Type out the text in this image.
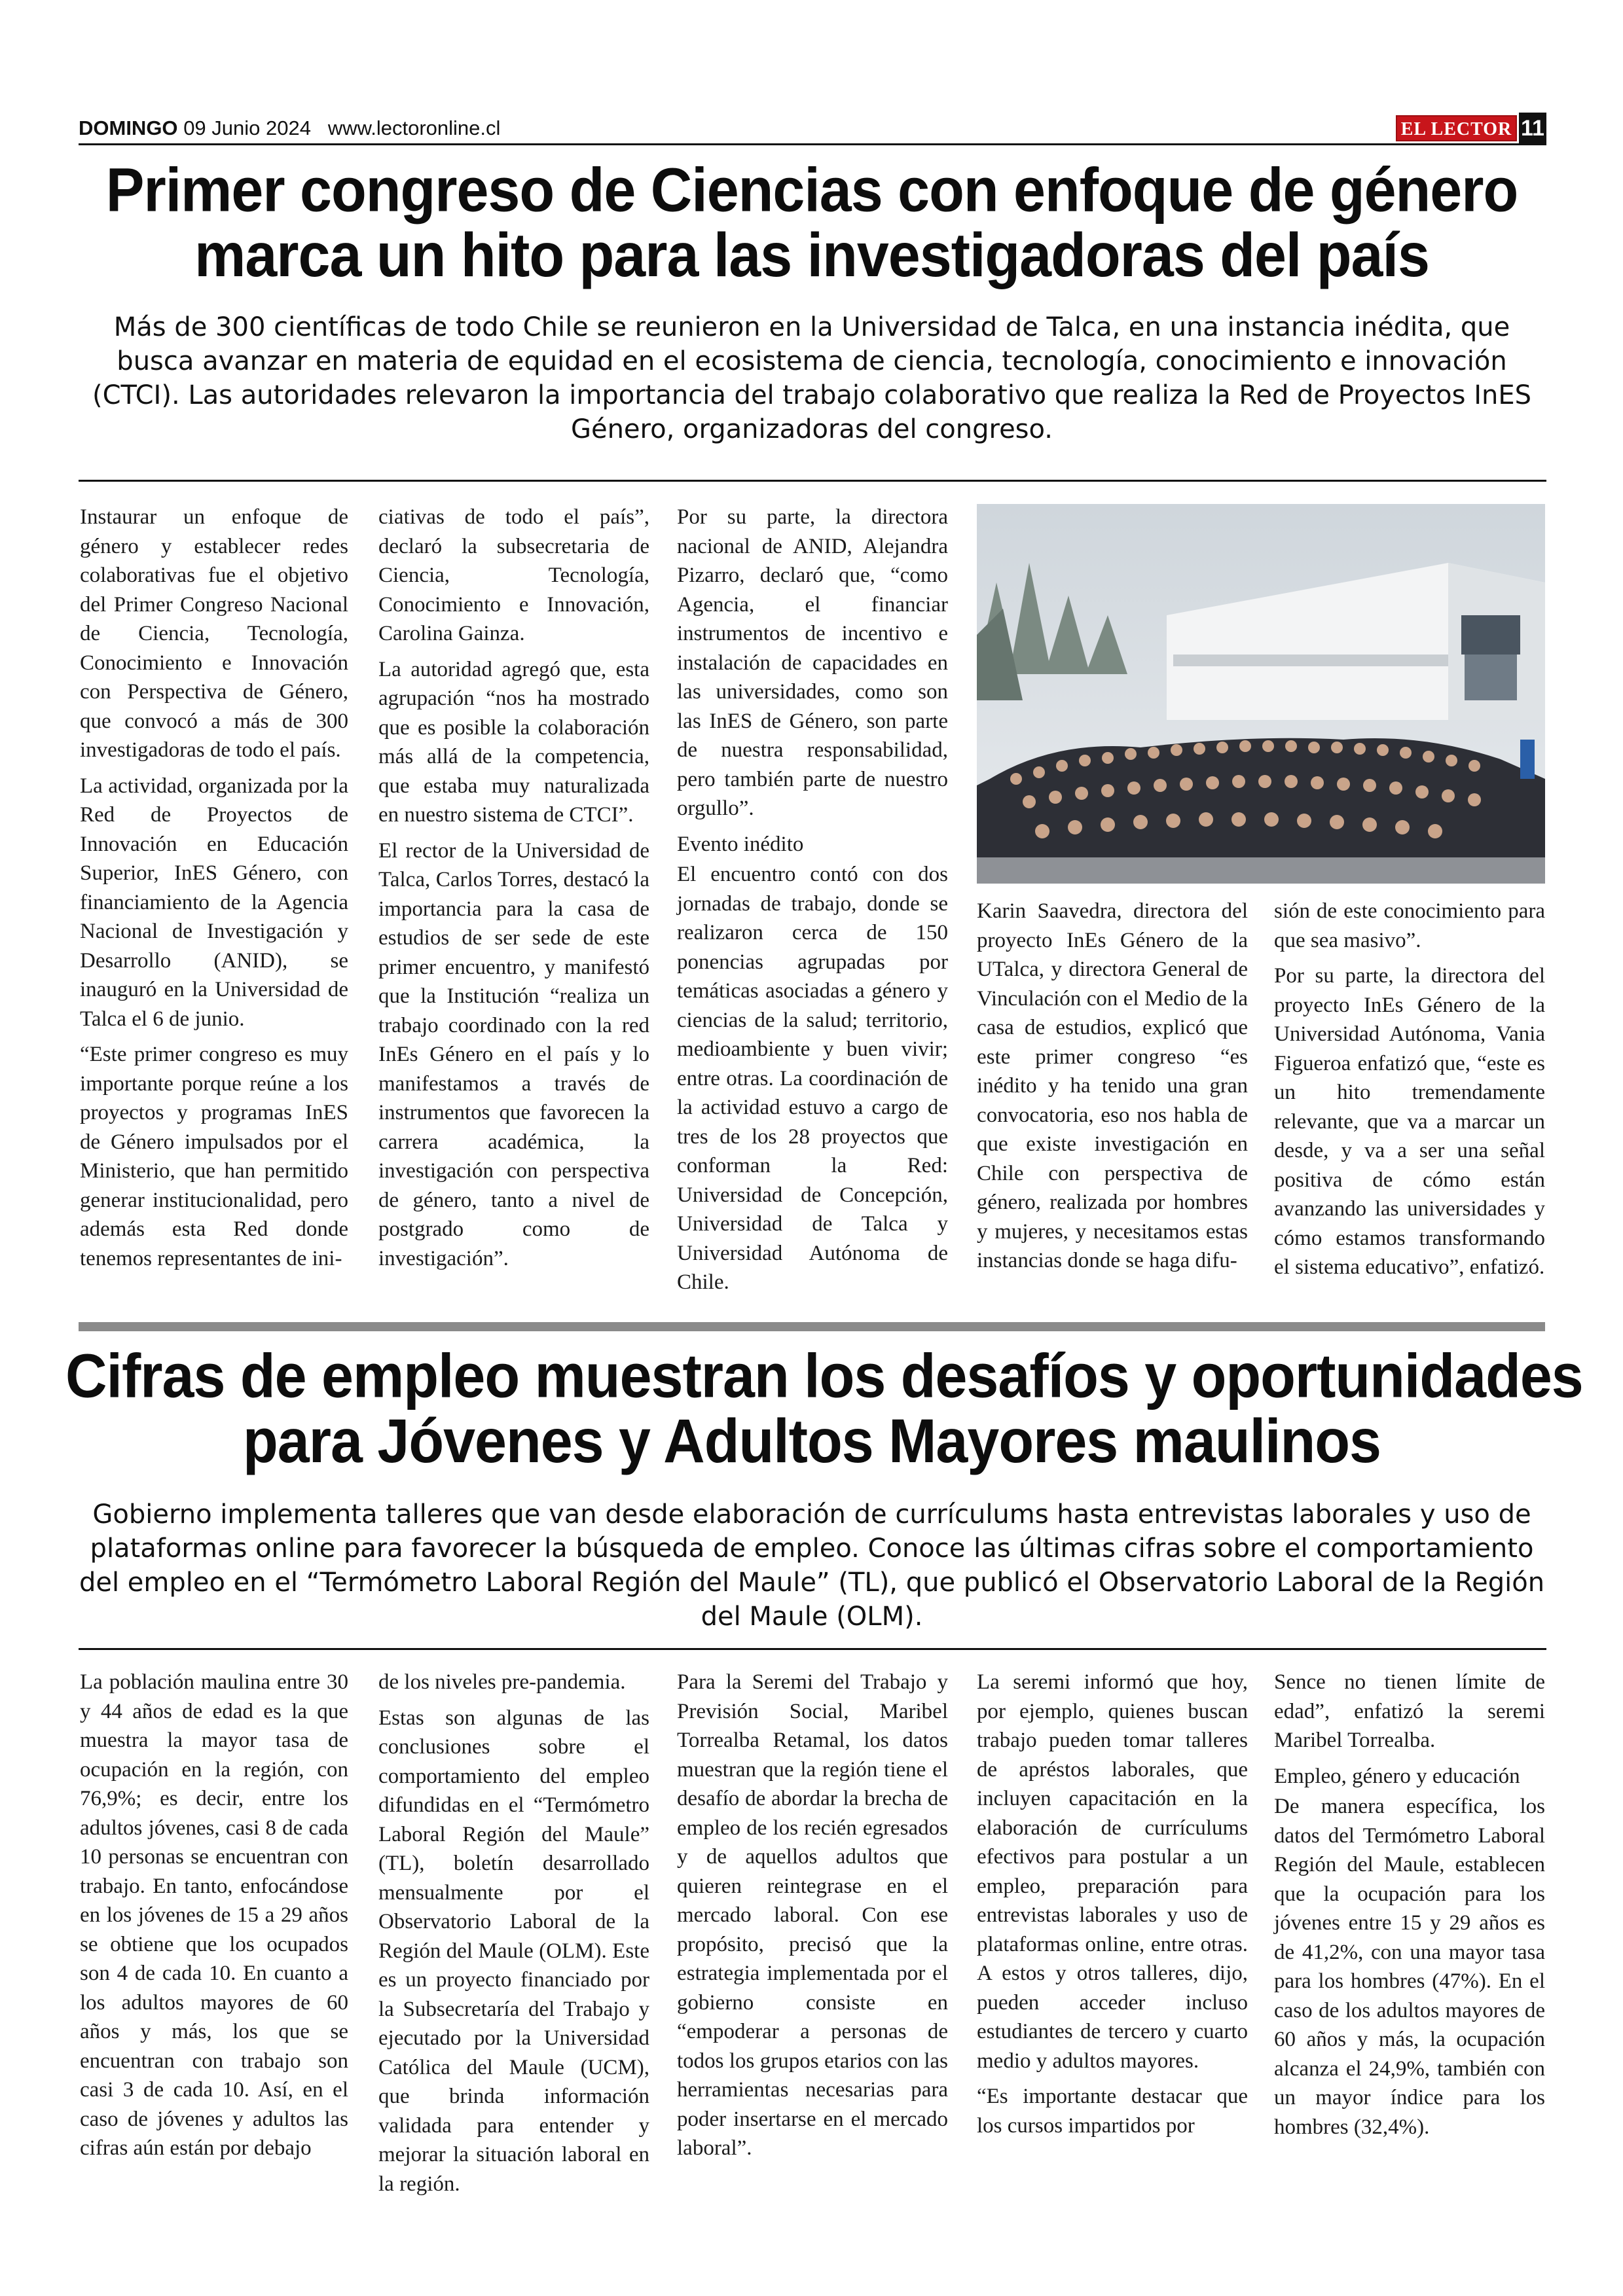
DOMINGO 09 Junio 2024 www.lectoronline.cl	EL LECTOR 11
Primer congreso de Ciencias con enfoque de género
marca un hito para las investigadoras del país
Más de 300 científicas de todo Chile se reunieron en la Universidad de Talca, en una instancia inédita, que busca avanzar en materia de equidad en el ecosistema de ciencia, tecnología, conocimiento e innovación (CTCI). Las autoridades relevaron la importancia del trabajo colaborativo que realiza la Red de Proyectos InES Género, organizadoras del congreso.

Instaurar un enfoque de género y establecer redes colaborativas fue el objetivo del Primer Congreso Nacional de Ciencia, Tecnología, Conocimiento e Innovación con Perspectiva de Género, que convocó a más de 300 investigadoras de todo el país.

La actividad, organizada por la Red de Proyectos de Innovación en Educación Superior, InES Género, con financiamiento de la Agencia Nacional de Investigación y Desarrollo (ANID), se inauguró en la Universidad de Talca el 6 de junio.

“Este primer congreso es muy importante porque reúne a los proyectos y programas InES de Género impulsados por el Ministerio, que han permitido generar institucionalidad, pero además esta Red donde tenemos representantes de ini-

ciativas de todo el país”, declaró la subsecretaria de Ciencia, Tecnología, Conocimiento e Innovación, Carolina Gainza.

La autoridad agregó que, esta agrupación “nos ha mostrado que es posible la colaboración más allá de la competencia, que estaba muy naturalizada en nuestro sistema de CTCI”.

El rector de la Universidad de Talca, Carlos Torres, destacó la importancia para la casa de estudios de ser sede de este primer encuentro, y manifestó que la Institución “realiza un trabajo coordinado con la red InEs Género en el país y lo manifestamos a través de instrumentos que favorecen la carrera académica, la investigación con perspectiva de género, tanto a nivel de postgrado como de investigación”.

Por su parte, la directora nacional de ANID, Alejandra Pizarro, declaró que, “como Agencia, el financiar instrumentos de incentivo e instalación de capacidades en las universidades, como son las InES de Género, son parte de nuestra responsabilidad, pero también parte de nuestro orgullo”.

Evento inédito

El encuentro contó con dos jornadas de trabajo, donde se realizaron cerca de 150 ponencias agrupadas por temáticas asociadas a género y ciencias de la salud; territorio, medioambiente y buen vivir; entre otras. La coordinación de la actividad estuvo a cargo de tres de los 28 proyectos que conforman la Red: Universidad de Concepción, Universidad de Talca y Universidad Autónoma de Chile.

Karin Saavedra, directora del proyecto InEs Género de la UTalca, y directora General de Vinculación con el Medio de la casa de estudios, explicó que este primer congreso “es inédito y ha tenido una gran convocatoria, eso nos habla de que existe investigación en Chile con perspectiva de género, realizada por hombres y mujeres, y necesitamos estas instancias donde se haga difu-

sión de este conocimiento para que sea masivo”.

Por su parte, la directora del proyecto InEs Género de la Universidad Autónoma, Vania Figueroa enfatizó que, “este es un hito tremendamente relevante, que va a marcar un desde, y va a ser una señal positiva de cómo están avanzando las universidades y cómo estamos transformando el sistema educativo”, enfatizó.

Cifras de empleo muestran los desafíos y oportunidades
para Jóvenes y Adultos Mayores maulinos
Gobierno implementa talleres que van desde elaboración de currículums hasta entrevistas laborales y uso de plataformas online para favorecer la búsqueda de empleo. Conoce las últimas cifras sobre el comportamiento del empleo en el “Termómetro Laboral Región del Maule” (TL), que publicó el Observatorio Laboral de la Región del Maule (OLM).

La población maulina entre 30 y 44 años de edad es la que muestra la mayor tasa de ocupación en la región, con 76,9%; es decir, entre los adultos jóvenes, casi 8 de cada 10 personas se encuentran con trabajo. En tanto, enfocándose en los jóvenes de 15 a 29 años se obtiene que los ocupados son 4 de cada 10. En cuanto a los adultos mayores de 60 años y más, los que se encuentran con trabajo son casi 3 de cada 10. Así, en el caso de jóvenes y adultos las cifras aún están por debajo

de los niveles pre-pandemia.

Estas son algunas de las conclusiones sobre el comportamiento del empleo difundidas en el “Termómetro Laboral Región del Maule” (TL), boletín desarrollado mensualmente por el Observatorio Laboral de la Región del Maule (OLM). Este es un proyecto financiado por la Subsecretaría del Trabajo y ejecutado por la Universidad Católica del Maule (UCM), que brinda información validada para entender y mejorar la situación laboral en la región.

Para la Seremi del Trabajo y Previsión Social, Maribel Torrealba Retamal, los datos muestran que la región tiene el desafío de abordar la brecha de empleo de los recién egresados y de aquellos adultos que quieren reintegrase en el mercado laboral. Con ese propósito, precisó que la estrategia implementada por el gobierno consiste en “empoderar a personas de todos los grupos etarios con las herramientas necesarias para poder insertarse en el mercado laboral”.

La seremi informó que hoy, por ejemplo, quienes buscan trabajo pueden tomar talleres de apréstos laborales, que incluyen capacitación en la elaboración de currículums efectivos para postular a un empleo, preparación para entrevistas laborales y uso de plataformas online, entre otras. A estos y otros talleres, dijo, pueden acceder incluso estudiantes de tercero y cuarto medio y adultos mayores.

“Es importante destacar que los cursos impartidos por

Sence no tienen límite de edad”, enfatizó la seremi Maribel Torrealba.

Empleo, género y educación

De manera específica, los datos del Termómetro Laboral Región del Maule, establecen que la ocupación para los jóvenes entre 15 y 29 años es de 41,2%, con una mayor tasa para los hombres (47%). En el caso de los adultos mayores de 60 años y más, la ocupación alcanza el 24,9%, también con un mayor índice para los hombres (32,4%).
